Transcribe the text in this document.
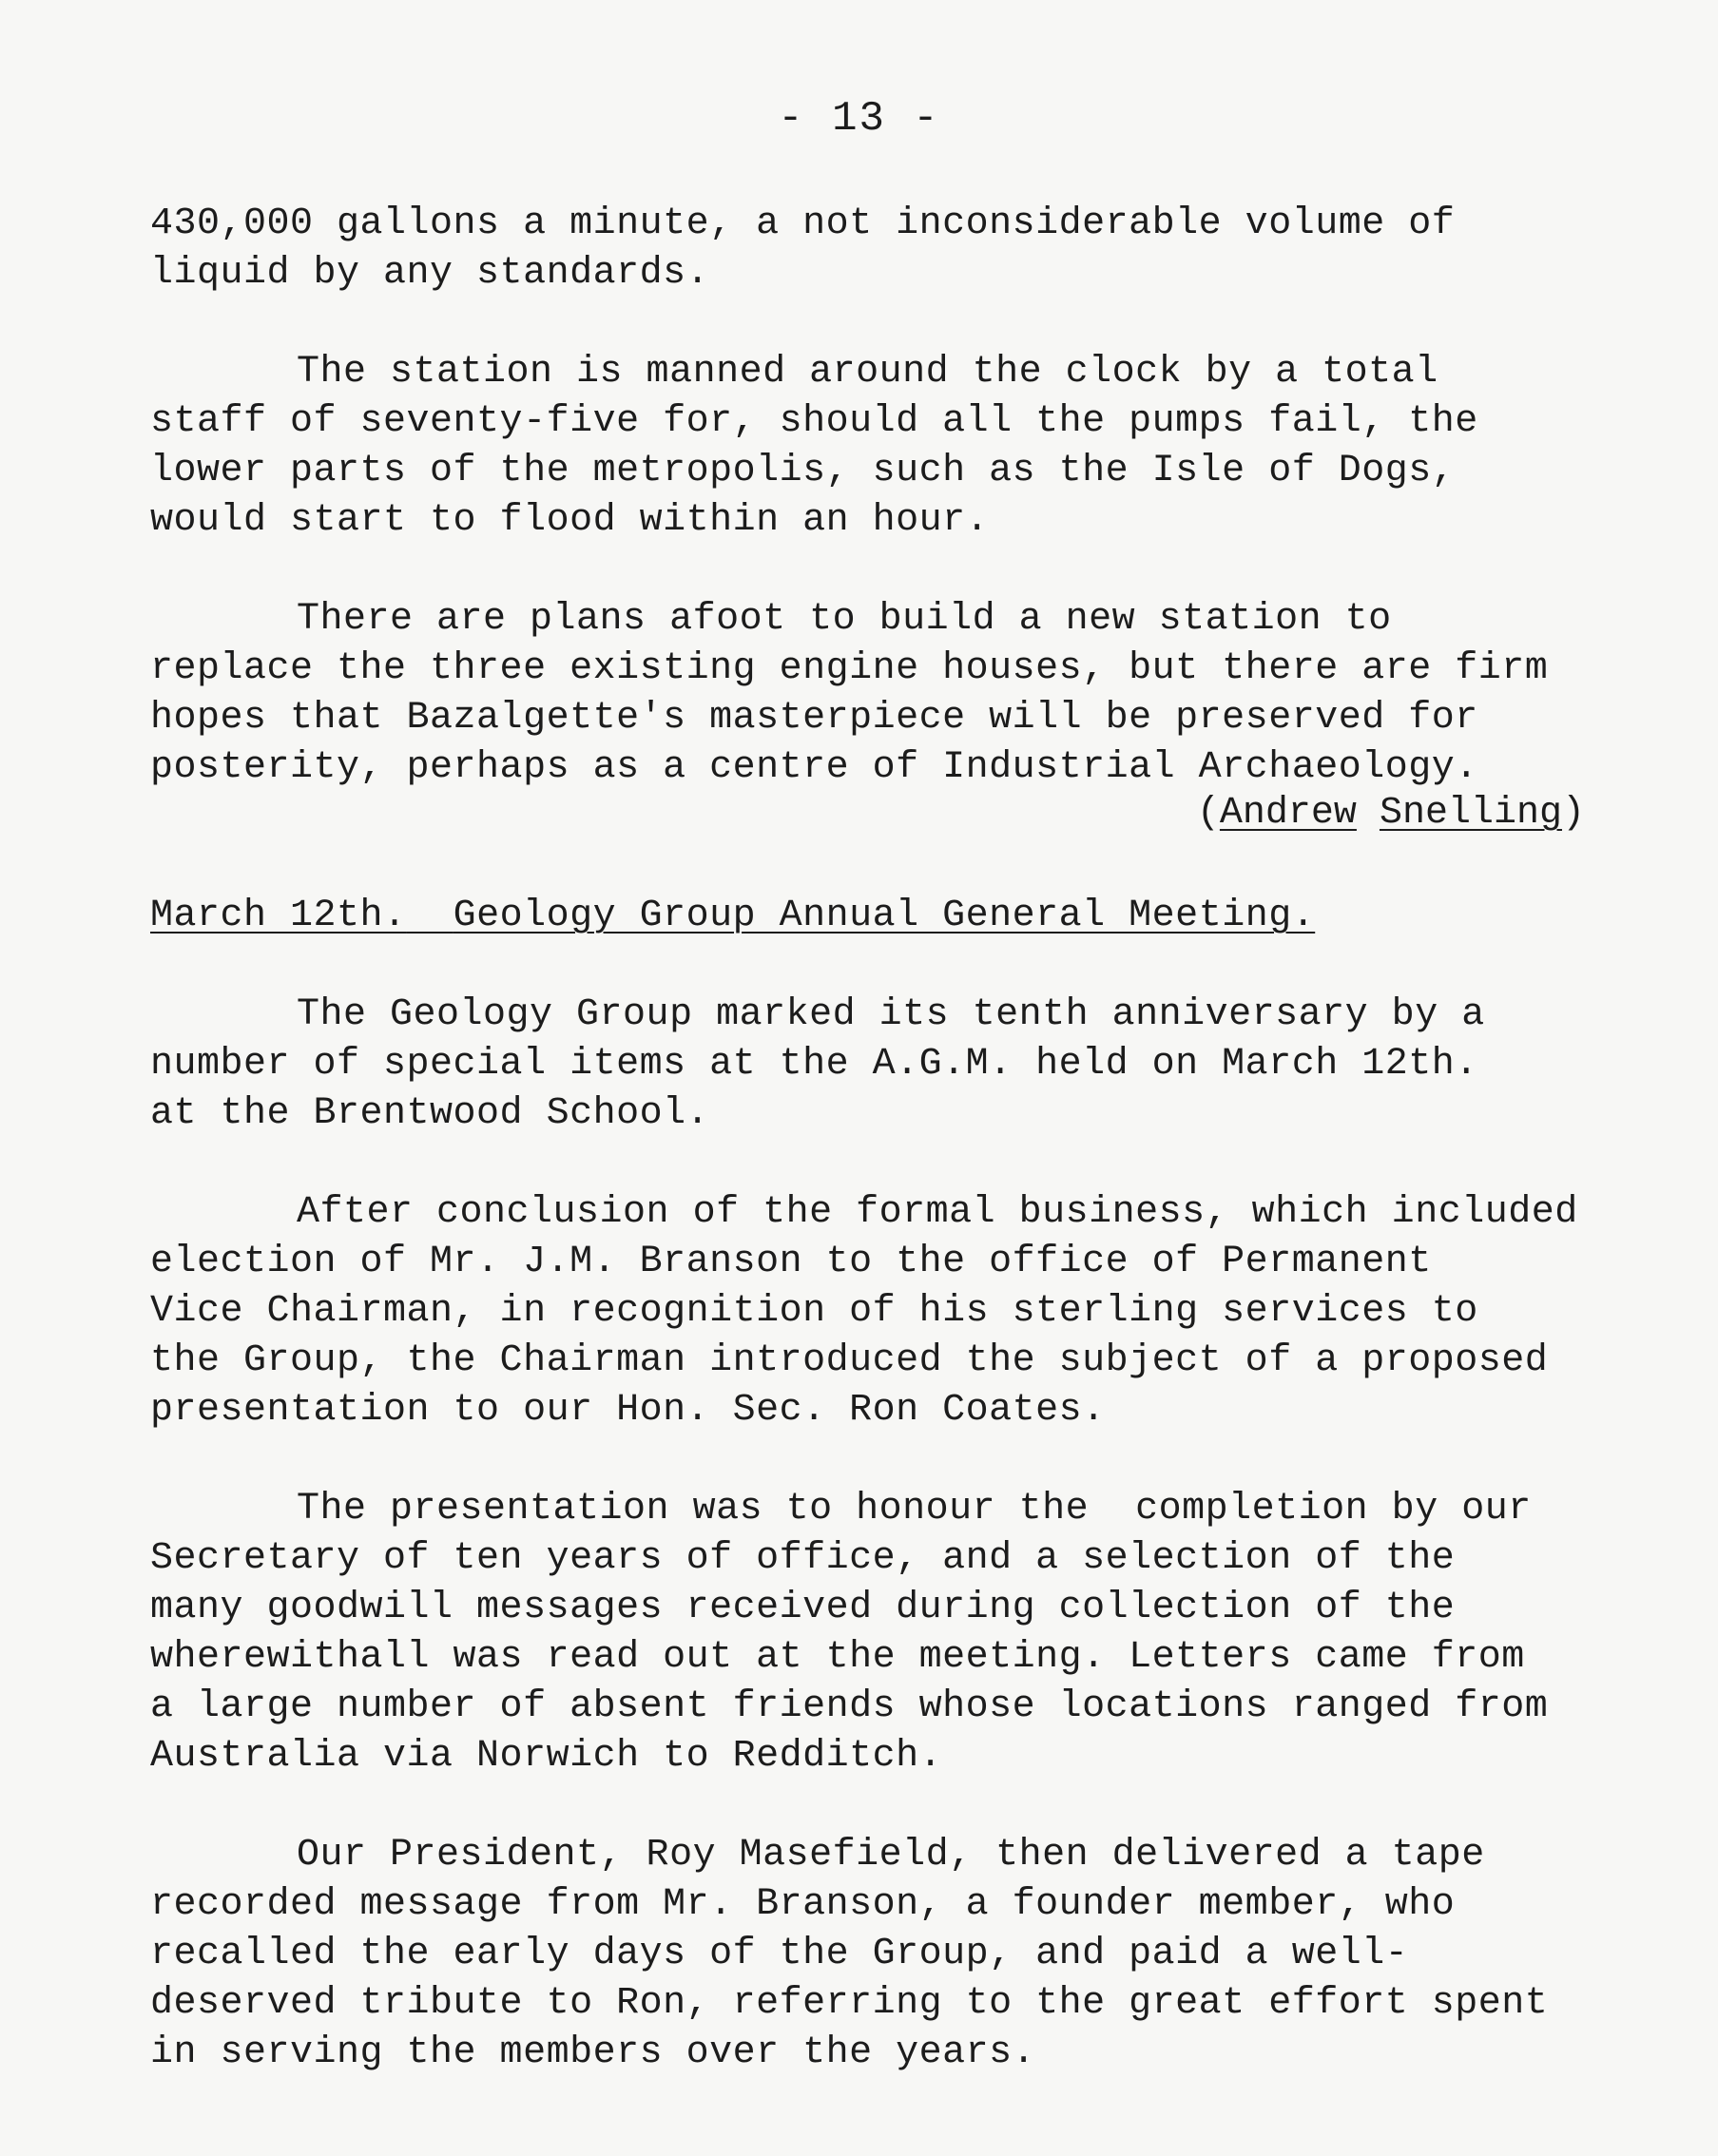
- 13 -
430,000 gallons a minute, a not inconsiderable volume of
liquid by any standards.
The station is manned around the clock by a total
staff of seventy-five for, should all the pumps fail, the
lower parts of the metropolis, such as the Isle of Dogs,
would start to flood within an hour.
There are plans afoot to build a new station to
replace the three existing engine houses, but there are firm
hopes that Bazalgette's masterpiece will be preserved for
posterity, perhaps as a centre of Industrial Archaeology.
(Andrew Snelling)
March 12th. Geology Group Annual General Meeting.
The Geology Group marked its tenth anniversary by a
number of special items at the A.G.M. held on March 12th.
at the Brentwood School.
After conclusion of the formal business, which included
election of Mr. J.M. Branson to the office of Permanent
Vice Chairman, in recognition of his sterling services to
the Group, the Chairman introduced the subject of a proposed
presentation to our Hon. Sec. Ron Coates.
The presentation was to honour the  completion by our
Secretary of ten years of office, and a selection of the
many goodwill messages received during collection of the
wherewithall was read out at the meeting. Letters came from
a large number of absent friends whose locations ranged from
Australia via Norwich to Redditch.
Our President, Roy Masefield, then delivered a tape
recorded message from Mr. Branson, a founder member, who
recalled the early days of the Group, and paid a well-
deserved tribute to Ron, referring to the great effort spent
in serving the members over the years.
